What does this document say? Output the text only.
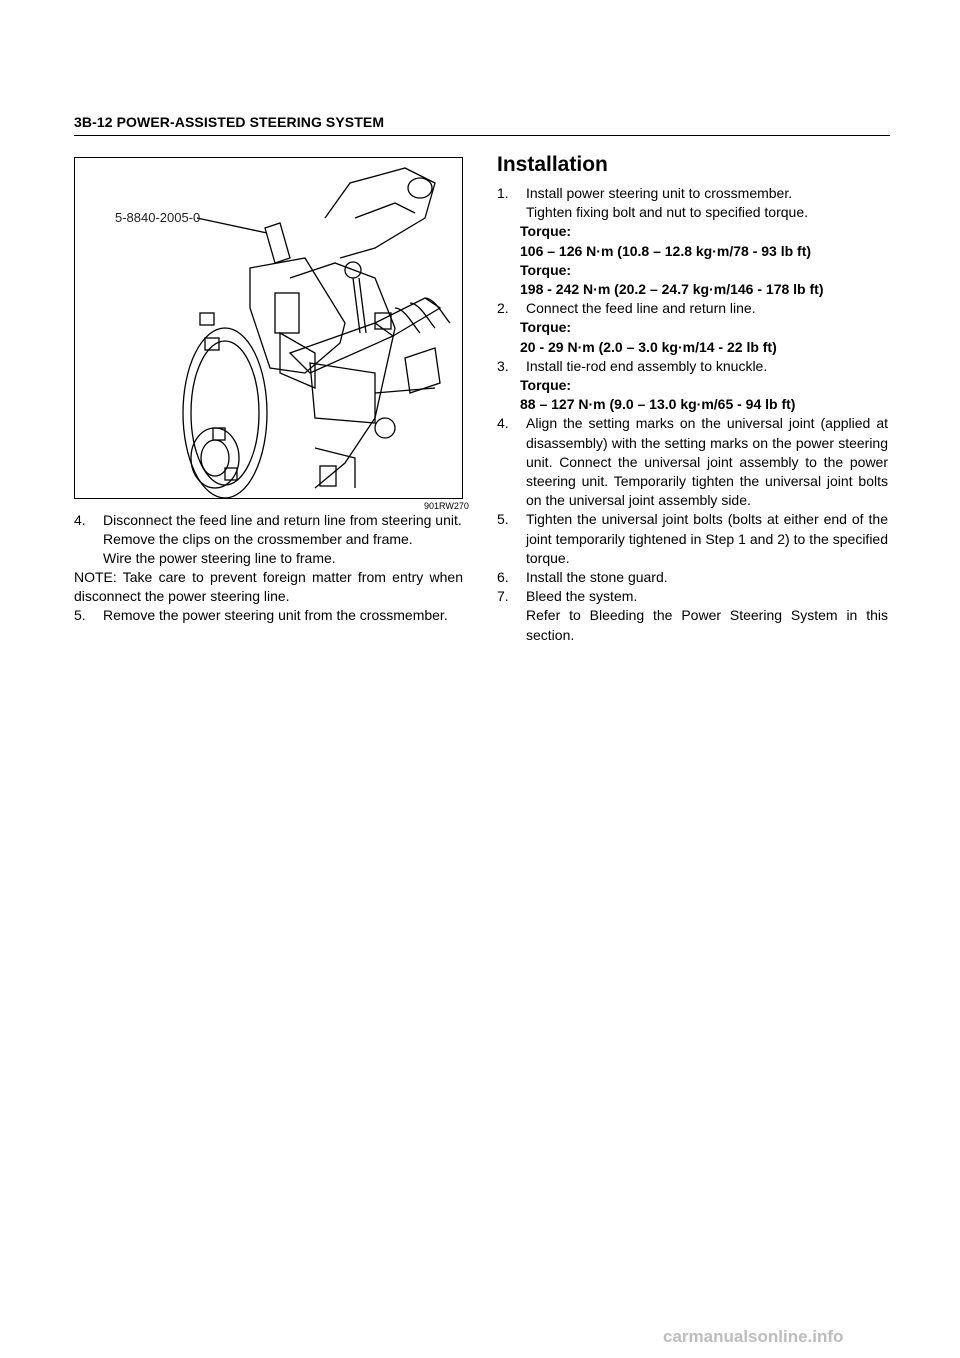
3B-12 POWER-ASSISTED STEERING SYSTEM
5-8840-2005-0
901RW270
4.	Disconnect the feed line and return line from steering unit.
Remove the clips on the crossmember and frame.
Wire the power steering line to frame.
NOTE: Take care to prevent foreign matter from entry when disconnect the power steering line.
5.	Remove the power steering unit from the crossmember.
Installation
1.	Install power steering unit to crossmember.
Tighten fixing bolt and nut to specified torque.
Torque:
106 – 126 N·m (10.8 – 12.8 kg·m/78 - 93 lb ft)
Torque:
198 - 242 N·m (20.2 – 24.7 kg·m/146 - 178 lb ft)
2.	Connect the feed line and return line.
Torque:
20 - 29 N·m (2.0 – 3.0 kg·m/14 - 22 lb ft)
3.	Install tie-rod end assembly to knuckle.
Torque:
88 – 127 N·m (9.0 – 13.0 kg·m/65 - 94 lb ft)
4.	Align the setting marks on the universal joint (applied at disassembly) with the setting marks on the power steering unit. Connect the universal joint assembly to the power steering unit. Temporarily tighten the universal joint bolts on the universal joint assembly side.
5.	Tighten the universal joint bolts (bolts at either end of the joint temporarily tightened in Step 1 and 2) to the specified torque.
6.	Install the stone guard.
7.	Bleed the system.
Refer to Bleeding the Power Steering System in this section.
carmanualsonline.info
